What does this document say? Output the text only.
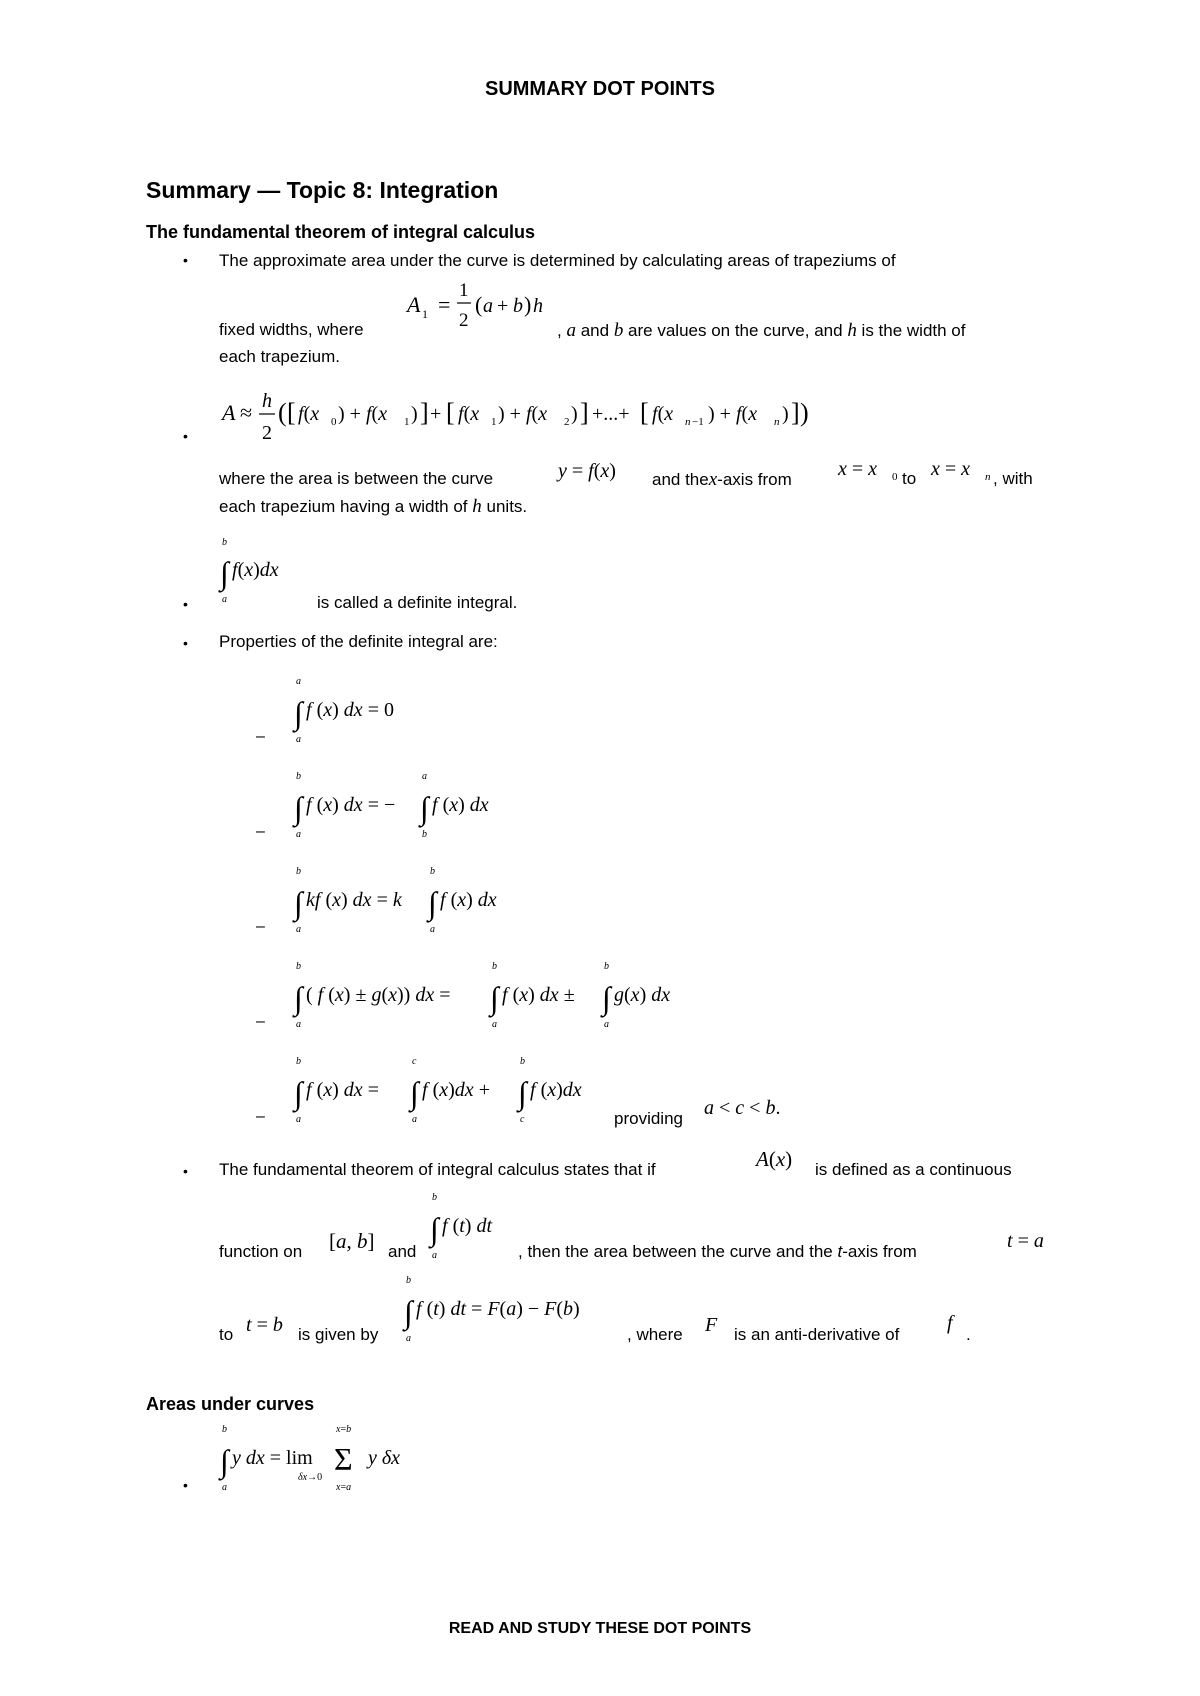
SUMMARY DOT POINTS
Summary — Topic 8: Integration
The fundamental theorem of integral calculus
• The approximate area under the curve is determined by calculating areas of trapeziums of
A 1 =
1
2
( a + b ) h
fixed widths, where	, a and b are values on the curve, and h is the width of
each trapezium.
•
A ≈ h
2
( [ f(x 0 ) + f(x 1 ) ] + [ f(x 1 ) + f(x 2 ) ] +...+ [ f(x n −1 ) + f(x n ) ] )
where the area is between the curve	y = f(x) and thex-axis from x = x 0 to x = x n , with
each trapezium having a width of h units.
•
b
∫ f(x)dx
a	is called a definite integral.
• Properties of the definite integral are:
–
a
∫ f (x) dx = 0
a
–
b
∫ f (x) dx = −
a
∫ f (x) dx
a	b
–
b
∫ kf (x) dx = k
b
∫ f (x) dx
a	a
–
b
∫ ( f (x) ± g(x)) dx =
b
∫ f (x) dx ±
b
∫ g(x) dx
a	a	a
–
b
∫ f (x) dx =
c
∫ f (x)dx +
b
∫ f (x)dx
a	a	c	providing a < c < b.
• The fundamental theorem of integral calculus states that if	A(x) is defined as a continuous
function on [a, b] and
b
∫ f (t) dt
a	, then the area between the curve and the t-axis from	t = a
to t = b is given by
b
∫ f (t) dt = F(a) − F(b)
a	, where F is an anti-derivative of
f
.
Areas under curves
•
b
∫ y dx = lim
δx→0
x=b
Σ
x=a
y δx
a
READ AND STUDY THESE DOT POINTS
